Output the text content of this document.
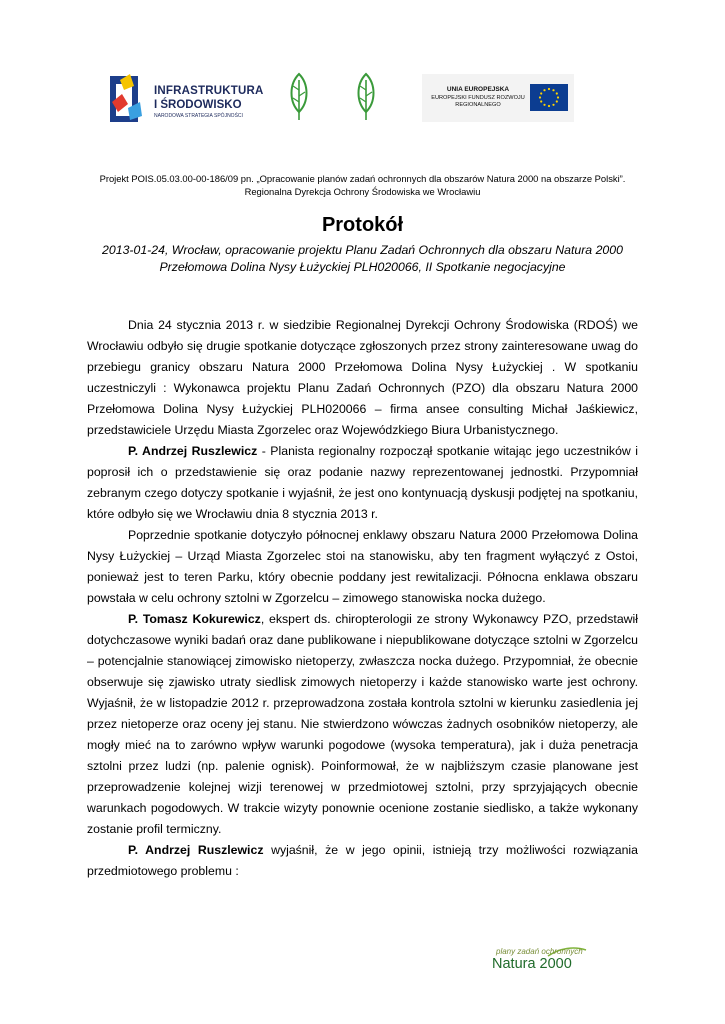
INFRASTRUKTURA
I ŚRODOWISKO
NARODOWA STRATEGIA SPÓJNOŚCI
UNIA EUROPEJSKA
EUROPEJSKI FUNDUSZ ROZWOJU REGIONALNEGO
Projekt POIS.05.03.00-00-186/09 pn. „Opracowanie planów zadań ochronnych dla obszarów Natura 2000 na obszarze Polski”.
Regionalna Dyrekcja Ochrony Środowiska we Wrocławiu
Protokół
2013-01-24, Wrocław, opracowanie projektu Planu Zadań Ochronnych dla obszaru Natura 2000
Przełomowa Dolina Nysy Łużyckiej PLH020066, II Spotkanie negocjacyjne

Dnia 24 stycznia 2013 r. w siedzibie Regionalnej Dyrekcji Ochrony Środowiska (RDOŚ) we Wrocławiu odbyło się drugie spotkanie dotyczące zgłoszonych przez strony zainteresowane uwag do przebiegu granicy obszaru Natura 2000 Przełomowa Dolina Nysy Łużyckiej . W spotkaniu uczestniczyli : Wykonawca projektu Planu Zadań Ochronnych (PZO) dla obszaru Natura 2000 Przełomowa Dolina Nysy Łużyckiej PLH020066 – firma ansee consulting Michał Jaśkiewicz, przedstawiciele Urzędu Miasta Zgorzelec oraz Wojewódzkiego Biura Urbanistycznego.

P. Andrzej Ruszlewicz - Planista regionalny rozpoczął spotkanie witając jego uczestników i poprosił ich o przedstawienie się oraz podanie nazwy reprezentowanej jednostki. Przypomniał zebranym czego dotyczy spotkanie i wyjaśnił, że jest ono kontynuacją dyskusji podjętej na spotkaniu, które odbyło się we Wrocławiu dnia 8 stycznia 2013 r.

Poprzednie spotkanie dotyczyło północnej enklawy obszaru Natura 2000 Przełomowa Dolina Nysy Łużyckiej – Urząd Miasta Zgorzelec stoi na stanowisku, aby ten fragment wyłączyć z Ostoi, ponieważ jest to teren Parku, który obecnie poddany jest rewitalizacji. Północna enklawa obszaru powstała w celu ochrony sztolni w Zgorzelcu – zimowego stanowiska nocka dużego.

P. Tomasz Kokurewicz, ekspert ds. chiropterologii ze strony Wykonawcy PZO, przedstawił dotychczasowe wyniki badań oraz dane publikowane i niepublikowane dotyczące sztolni w Zgorzelcu – potencjalnie stanowiącej zimowisko nietoperzy, zwłaszcza nocka dużego. Przypomniał, że obecnie obserwuje się zjawisko utraty siedlisk zimowych nietoperzy i każde stanowisko warte jest ochrony. Wyjaśnił, że w listopadzie 2012 r. przeprowadzona została kontrola sztolni w kierunku zasiedlenia jej przez nietoperze oraz oceny jej stanu. Nie stwierdzono wówczas żadnych osobników nietoperzy, ale mogły mieć na to zarówno wpływ warunki pogodowe (wysoka temperatura), jak i duża penetracja sztolni przez ludzi (np. palenie ognisk). Poinformował, że w najbliższym czasie planowane jest przeprowadzenie kolejnej wizji terenowej w przedmiotowej sztolni, przy sprzyjających obecnie warunkach pogodowych. W trakcie wizyty ponownie ocenione zostanie siedlisko, a także wykonany zostanie profil termiczny.

P. Andrzej Ruszlewicz wyjaśnił, że w jego opinii, istnieją trzy możliwości rozwiązania przedmiotowego problemu :

plany zadań ochronnych
Natura 2000
